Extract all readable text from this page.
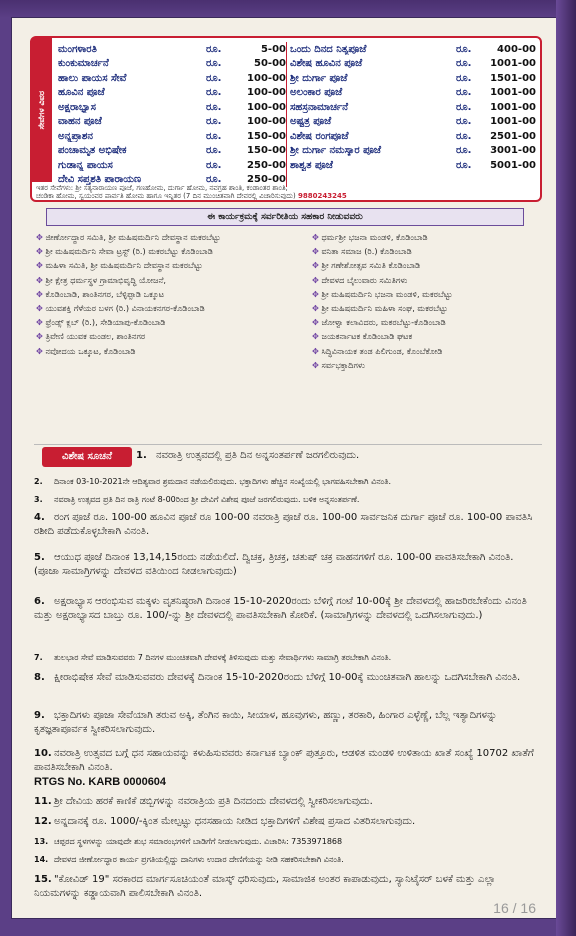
ಸೇವೆಗಳ ವಿವರ
ಮಂಗಳಾರತಿ	ರೂ.	5-00
ಕುಂಕುಮಾರ್ಚನೆ	ರೂ.	50-00
ಹಾಲು ಪಾಯಸ ಸೇವೆ	ರೂ.	100-00
ಹೂವಿನ ಪೂಜೆ	ರೂ.	100-00
ಅಕ್ಷರಾಭ್ಯಾಸ	ರೂ.	100-00
ವಾಹನ ಪೂಜೆ	ರೂ.	100-00
ಅನ್ನಪ್ರಾಶನ	ರೂ.	150-00
ಪಂಚಾಮೃತ ಅಭಿಷೇಕ	ರೂ.	150-00
ಗುಡಾನ್ನ ಪಾಯಸ	ರೂ.	250-00
ದೇವಿ ಸಪ್ತಶತಿ ಪಾರಾಯಣ	ರೂ.	250-00
ಒಂದು ದಿನದ ನಿತ್ಯಪೂಜೆ	ರೂ.	400-00
ವಿಶೇಷ ಹೂವಿನ ಪೂಜೆ	ರೂ.	1001-00
ಶ್ರೀ ದುರ್ಗಾ ಪೂಜೆ	ರೂ.	1501-00
ಅಲಂಕಾರ ಪೂಜೆ	ರೂ.	1001-00
ಸಹಸ್ರನಾಮಾರ್ಚನೆ	ರೂ.	1001-00
ಅಷ್ಟತ್ರ ಪೂಜೆ	ರೂ.	1001-00
ವಿಶೇಷ ರಂಗಪೂಜೆ	ರೂ.	2501-00
ಶ್ರೀ ದುರ್ಗಾ ನಮಸ್ಕಾರ ಪೂಜೆ	ರೂ.	3001-00
ಶಾಶ್ವತ ಪೂಜೆ	ರೂ.	5001-00
ಇತರ ಸೇವೆಗಳು: ಶ್ರೀ ಸತ್ಯನಾರಾಯಣ ಪೂಜೆ, ಗಣಹೋಮ, ದುರ್ಗಾ ಹೋಮ, ನವಗ್ರಹ ಶಾಂತಿ, ಕಂಡಾಂತರ ಶಾಂತಿ,
ಚಂಡಿಕಾ ಹೋಮ, ಸ್ವಯಂವರ ಪಾರ್ವತಿ ಹೋಮ ಹಾಗೂ ಇನ್ನಿತರ (7 ದಿನ ಮುಂಚಿತವಾಗಿ ದೇವರಲ್ಲಿ ವಿಚಾರಿಸುವುದು) 9880243245
ಈ ಕಾರ್ಯಕ್ರಮಕ್ಕೆ ಸರ್ವರೀತಿಯ ಸಹಕಾರ ನೀಡುವವರು
✥ ಜೀರ್ಣೋದ್ಧಾರ ಸಮಿತಿ, ಶ್ರೀ ಮಹಿಷಮರ್ದಿನಿ ದೇವಸ್ಥಾನ ಮಕರಬೆಟ್ಟು
✥ ಶ್ರೀ ಮಹಿಷಮರ್ದಿನಿ ಸೇವಾ ಟ್ರಸ್ಟ್ (ರಿ.) ಮಕರಬೆಟ್ಟು ಕೊಡಿಂಬಾಡಿ
✥ ಮಹಿಳಾ ಸಮಿತಿ, ಶ್ರೀ ಮಹಿಷಮರ್ದಿನಿ ದೇವಸ್ಥಾನ ಮಕರಬೆಟ್ಟು
✥ ಶ್ರೀ ಕ್ಷೇತ್ರ ಧರ್ಮಸ್ಥಳ ಗ್ರಾಮಾಭಿವೃದ್ಧಿ ಯೋಜನೆ,
✥ ಕೊಡಿಂಬಾಡಿ, ಶಾಂತಿನಗರ, ಬೆಳ್ಳಿಪ್ಪಾಡಿ ಒಕ್ಕೂಟ
✥ ಯುವಶಕ್ತಿ ಗೆಳೆಯರ ಬಳಗ (ರಿ.) ವಿನಾಯಕನಗರ-ಕೊಡಿಂಬಾಡಿ
✥ ಫ್ರೆಂಡ್ಸ್ ಕ್ಲಬ್ (ರಿ.), ಸೇಡಿಯಾಪು-ಕೊಡಿಂಬಾಡಿ
✥ ತ್ರಿವೇಣಿ ಯುವಕ ಮಂಡಲ, ಶಾಂತಿನಗರ
✥ ನವೋದಯ ಒಕ್ಕೂಟ, ಕೊಡಿಂಬಾಡಿ
✥ ಧರ್ಮಶ್ರೀ ಭಜನಾ ಮಂಡಳಿ, ಕೊಡಿಂಬಾಡಿ
✥ ವನಿತಾ ಸಮಾಜ (ರಿ.) ಕೊಡಿಂಬಾಡಿ
✥ ಶ್ರೀ ಗಣೇಶೋತ್ಸವ ಸಮಿತಿ ಕೊಡಿಂಬಾಡಿ
✥ ದೇವಳದ ಬೈಲುವಾರು ಸಮಿತಿಗಳು
✥ ಶ್ರೀ ಮಹಿಷಮರ್ದಿನಿ ಭಜನಾ ಮಂಡಳಿ, ಮಕರಬೆಟ್ಟು
✥ ಶ್ರೀ ಮಹಿಷಮರ್ದಿನಿ ಮಹಿಳಾ ಸಂಘ, ಮಕರಬೆಟ್ಟು
✥ ಜೋಳ್ವಾ ಕಲಾವಿದರು, ಮಕರಬೆಟ್ಟು-ಕೊಡಿಂಬಾಡಿ
✥ ಜಯಕರ್ನಾಟಕ ಕೊಡಿಂಬಾಡಿ ಘಟಕ
✥ ಸಿದ್ಧಿವಿನಾಯಕ ತಂಡ ಪಿಲಿಗುಂಡ, ಕೊಂಬೆಕೋಡಿ
✥ ಸರ್ವಭಕ್ತಾದಿಗಳು
1. ನವರಾತ್ರಿ ಉತ್ಸವದಲ್ಲಿ ಪ್ರತಿ ದಿನ ಅನ್ನಸಂತರ್ಪಣೆ ಜರಗಲಿರುವುದು.
2. ದಿನಾಂಕ 03-10-2021ನೇ ಆದಿತ್ಯವಾರ ಶ್ರಮದಾನ ನಡೆಯಲಿರುವುದು. ಭಕ್ತಾದಿಗಳು ಹೆಚ್ಚಿನ ಸಂಖ್ಯೆಯಲ್ಲಿ ಭಾಗವಹಿಸಬೇಕಾಗಿ ವಿನಂತಿ.
3. ನವರಾತ್ರಿ ಉತ್ಸವದ ಪ್ರತಿ ದಿನ ರಾತ್ರಿ ಗಂಟೆ 8-00ರಿಂದ ಶ್ರೀ ದೇವಿಗೆ ವಿಶೇಷ ಪೂಜೆ ಜರಗಲಿರುವುದು. ಬಳಿಕ ಅನ್ನಸಂತರ್ಪಣೆ.
4. ರಂಗ ಪೂಜೆ ರೂ. 100-00 ಹೂವಿನ ಪೂಜೆ ರೂ 100-00 ನವರಾತ್ರಿ ಪೂಜೆ ರೂ. 100-00 ಸಾರ್ವಜನಿಕ ದುರ್ಗಾ ಪೂಜೆ ರೂ. 100-00 ಪಾವತಿಸಿ ರಶೀದಿ ಪಡೆದುಕೊಳ್ಳಬೇಕಾಗಿ ವಿನಂತಿ.
5. ಆಯುಧ ಪೂಜೆ ದಿನಾಂಕ 13,14,15ರಂದು ನಡೆಯಲಿದೆ. ದ್ವಿಚಕ್ರ, ತ್ರಿಚಕ್ರ, ಚತುಷ್ ಚಕ್ರ ವಾಹನಗಳಿಗೆ ರೂ. 100-00 ಪಾವತಿಸಬೇಕಾಗಿ ವಿನಂತಿ. (ಪೂಜಾ ಸಾಮಾಗ್ರಿಗಳನ್ನು ದೇವಳದ ವತಿಯಿಂದ ನೀಡಲಾಗುವುದು)
6. ಅಕ್ಷರಾಭ್ಯಾಸ ಆರಂಭಿಸುವ ಮಕ್ಕಳು ವೃತನಿಷ್ಠರಾಗಿ ದಿನಾಂಕ 15-10-2020ರಂದು ಬೆಳಿಗ್ಗೆ ಗಂಟೆ 10-00ಕ್ಕೆ ಶ್ರೀ ದೇವಳದಲ್ಲಿ ಹಾಜರಿರಬೇಕೆಂದು ವಿನಂತಿ ಮತ್ತು ಅಕ್ಷರಾಭ್ಯಾಸದ ಬಾಬ್ತು ರೂ. 100/-ನ್ನು ಶ್ರೀ ದೇವಳದಲ್ಲಿ ಪಾವತಿಸಬೇಕಾಗಿ ಕೋರಿಕೆ. (ಸಾಮಾಗ್ರಿಗಳನ್ನು ದೇವಳದಲ್ಲಿ ಒದಗಿಸಲಾಗುವುದು.)
7. ತುಲಭಾರ ಸೇವೆ ಮಾಡಿಸುವವರು 7 ದಿನಗಳ ಮುಂಚಿತವಾಗಿ ದೇವಳಕ್ಕೆ ತಿಳಿಸುವುದು ಮತ್ತು ಸೇವಾರ್ಥಿಗಳು ಸಾಮಾಗ್ರಿ ತರಬೇಕಾಗಿ ವಿನಂತಿ.
8. ಕ್ಷೀರಾಭಿಷೇಕ ಸೇವೆ ಮಾಡಿಸುವವರು ದೇವಳಕ್ಕೆ ದಿನಾಂಕ 15-10-2020ರಂದು ಬೆಳಿಗ್ಗೆ 10-00ಕ್ಕೆ ಮುಂಚಿತವಾಗಿ ಹಾಲನ್ನು ಒದಗಿಸಬೇಕಾಗಿ ವಿನಂತಿ.
9. ಭಕ್ತಾದಿಗಳು ಪೂಜಾ ಸೇವೆಯಾಗಿ ತರುವ ಅಕ್ಕಿ, ತೆಂಗಿನ ಕಾಯಿ, ಸೀಯಾಳ, ಹೂವುಗಳು, ಹಣ್ಣು, ತರಕಾರಿ, ಹಿಂಗಾರ ಎಳ್ಳೆಣ್ಣೆ, ಬೆಲ್ಲ ಇತ್ಯಾದಿಗಳನ್ನು ಕೃತಜ್ಞತಾಪೂರ್ವಕ ಸ್ವೀಕರಿಸಲಾಗುವುದು.
10. ನವರಾತ್ರಿ ಉತ್ಸವದ ಬಗ್ಗೆ ಧನ ಸಹಾಯವನ್ನು ಕಳುಹಿಸುವವರು ಕರ್ನಾಟಕ ಬ್ಯಾಂಕ್ ಪುತ್ತೂರು, ಆಡಳಿತ ಮಂಡಳಿ ಉಳಿತಾಯ ಖಾತೆ ಸಂಖ್ಯೆ 10702 ಖಾತೆಗೆ ಪಾವತಿಸಬೇಕಾಗಿ ವಿನಂತಿ.
RTGS No. KARB 0000604
11. ಶ್ರೀ ದೇವಿಯ ಹರಕೆ ಕಾಣಿಕೆ ಡಬ್ಬಿಗಳನ್ನು ನವರಾತ್ರಿಯ ಪ್ರತಿ ದಿನದಂದು ದೇವಳದಲ್ಲಿ ಸ್ವೀಕರಿಸಲಾಗುವುದು.
12. ಅನ್ನದಾನಕ್ಕೆ ರೂ. 1000/-ಕ್ಕಿಂತ ಮೇಲ್ಪಟ್ಟು ಧನಸಹಾಯ ನೀಡಿದ ಭಕ್ತಾದಿಗಳಿಗೆ ವಿಶೇಷ ಪ್ರಸಾದ ವಿತರಿಸಲಾಗುವುದು.
13. ಚಪ್ಪರದ ಸ್ಥಳಗಳನ್ನು ಯಾವುದೇ ಶುಭ ಸಮಾರಂಭಗಳಿಗೆ ಬಾಡಿಗೆಗೆ ನೀಡಲಾಗುವುದು. ವಿಚಾರಿಸಿ: 7353971868
14. ದೇವಳದ ಜೀರ್ಣೋದ್ಧಾರ ಕಾರ್ಯ ಪ್ರಗತಿಯಲ್ಲಿದ್ದು ದಾನಿಗಳು ಉದಾರ ದೇಣಿಗೆಯನ್ನು ನೀಡಿ ಸಹಕರಿಸಬೇಕಾಗಿ ವಿನಂತಿ.
15. "ಕೋವಿಡ್ 19" ಸರಕಾರದ ಮಾರ್ಗಸೂಚಿಯಂತೆ ಮಾಸ್ಕ್ ಧರಿಸುವುದು, ಸಾಮಾಜಿಕ ಅಂತರ ಕಾಪಾಡುವುದು, ಸ್ಯಾನಿಟೈಸರ್ ಬಳಕೆ ಮತ್ತು ಎಲ್ಲಾ ನಿಯಮಗಳನ್ನು ಕಡ್ಡಾಯವಾಗಿ ಪಾಲಿಸಬೇಕಾಗಿ ವಿನಂತಿ.
ವಿಶೇಷ ಸೂಚನೆ
16 / 16
